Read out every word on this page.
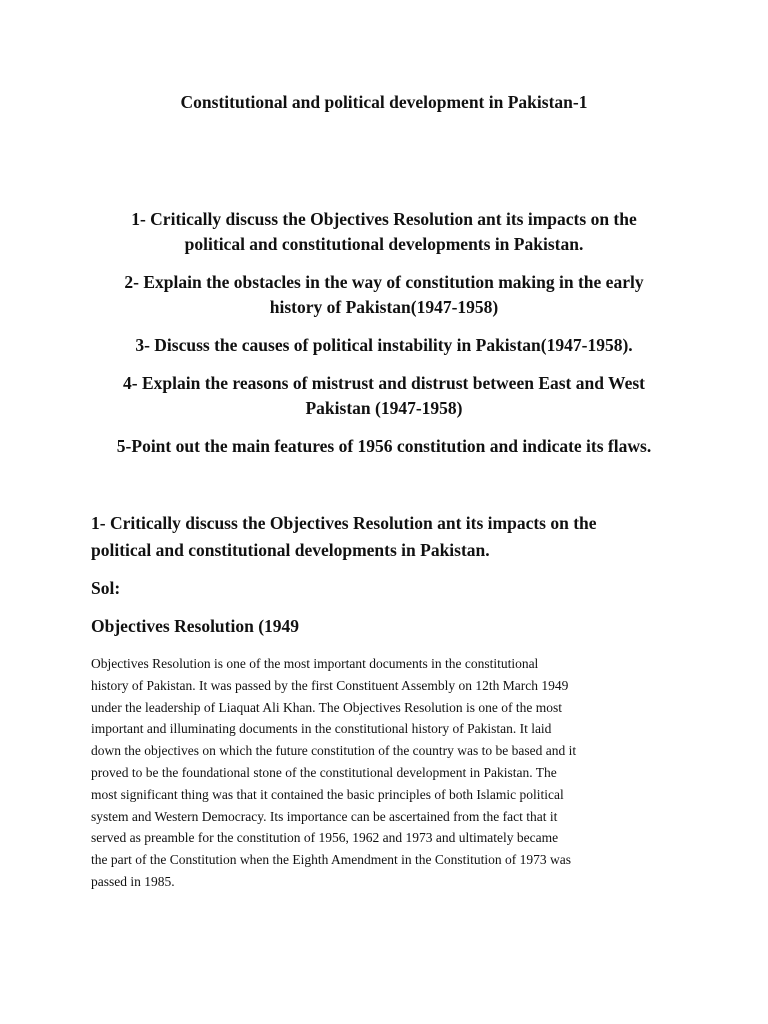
Constitutional and political development in Pakistan-1
1- Critically discuss the Objectives Resolution ant its impacts on the
political and constitutional developments in Pakistan.
2- Explain the obstacles in the way of constitution making in the early
history of Pakistan(1947-1958)
3- Discuss the causes of political instability in Pakistan(1947-1958).
4- Explain the reasons of mistrust and distrust between East and West
Pakistan (1947-1958)
5-Point out the main features of 1956 constitution and indicate its flaws.
1- Critically discuss the Objectives Resolution ant its impacts on the
political and constitutional developments in Pakistan.

Sol:

Objectives Resolution (1949

Objectives Resolution is one of the most important documents in the constitutional
history of Pakistan. It was passed by the first Constituent Assembly on 12th March 1949
under the leadership of Liaquat Ali Khan. The Objectives Resolution is one of the most
important and illuminating documents in the constitutional history of Pakistan. It laid
down the objectives on which the future constitution of the country was to be based and it
proved to be the foundational stone of the constitutional development in Pakistan. The
most significant thing was that it contained the basic principles of both Islamic political
system and Western Democracy. Its importance can be ascertained from the fact that it
served as preamble for the constitution of 1956, 1962 and 1973 and ultimately became
the part of the Constitution when the Eighth Amendment in the Constitution of 1973 was
passed in 1985.
